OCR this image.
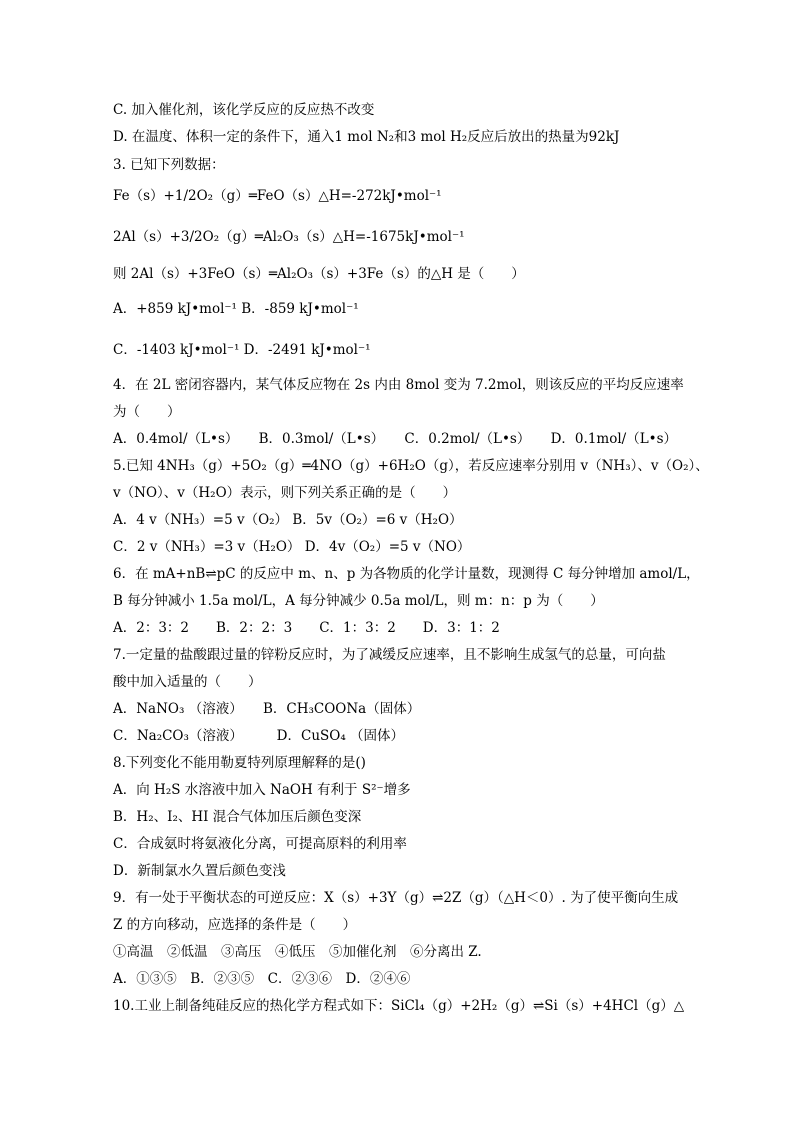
C. 加入催化剂，该化学反应的反应热不改变
D. 在温度、体积一定的条件下，通入1 mol N₂和3 mol H₂反应后放出的热量为92kJ
3. 已知下列数据：
Fe（s）+1/2O₂（g）═FeO（s）△H=-272kJ•mol⁻¹
2Al（s）+3/2O₂（g）═Al₂O₃（s）△H=-1675kJ•mol⁻¹
则 2Al（s）+3FeO（s）═Al₂O₃（s）+3Fe（s）的△H 是（　　）
A．+859 kJ•mol⁻¹ B．-859 kJ•mol⁻¹
C．-1403 kJ•mol⁻¹ D．-2491 kJ•mol⁻¹
4．在 2L 密闭容器内，某气体反应物在 2s 内由 8mol 变为 7.2mol，则该反应的平均反应速率
为（　　）
A．0.4mol/（L•s）　　B．0.3mol/（L•s）　　C．0.2mol/（L•s）　　D．0.1mol/（L•s）
5.已知 4NH₃（g）+5O₂（g）═4NO（g）+6H₂O（g），若反应速率分别用 v（NH₃）、v（O₂）、
v（NO）、v（H₂O）表示，则下列关系正确的是（　　）
A．4 v（NH₃）=5 v（O₂） B．5v（O₂）=6 v（H₂O）
C．2 v（NH₃）=3 v（H₂O） D．4v（O₂）=5 v（NO）
6．在 mA+nB⇌pC 的反应中 m、n、p 为各物质的化学计量数，现测得 C 每分钟增加 amol/L，
B 每分钟减小 1.5a mol/L，A 每分钟减少 0.5a mol/L，则 m：n：p 为（　　）
A．2：3：2　　B．2：2：3　　C．1：3：2　　D．3：1：2
7.一定量的盐酸跟过量的锌粉反应时，为了减缓反应速率，且不影响生成氢气的总量，可向盐
酸中加入适量的（　　）
A．NaNO₃ （溶液）　　B．CH₃COONa（固体）
C．Na₂CO₃（溶液）　　　D．CuSO₄ （固体）
8.下列变化不能用勒夏特列原理解释的是()
A．向 H₂S 水溶液中加入 NaOH 有利于 S²⁻增多
B．H₂、I₂、HI 混合气体加压后颜色变深
C．合成氨时将氨液化分离，可提高原料的利用率
D．新制氯水久置后颜色变浅
9．有一处于平衡状态的可逆反应：X（s）+3Y（g）⇌2Z（g）（△H＜0）. 为了使平衡向生成
Z 的方向移动，应选择的条件是（　　）
①高温　②低温　③高压　④低压　⑤加催化剂　⑥分离出 Z.
A．①③⑤　B．②③⑤　C．②③⑥　D．②④⑥
10.工业上制备纯硅反应的热化学方程式如下：SiCl₄（g）+2H₂（g）⇌Si（s）+4HCl（g）△
